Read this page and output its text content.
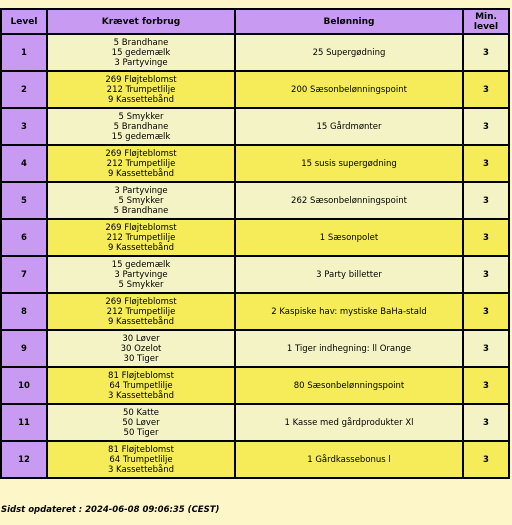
Level	Krævet forbrug	Belønning	Min.
level
1	5 Brandhane
15 gedemælk
3 Partyvinge	25 Supergødning	3
2	269 Fløjteblomst
212 Trumpetlilje
9 Kassettebånd	200 Sæsonbelønningspoint	3
3	5 Smykker
5 Brandhane
15 gedemælk	15 Gårdmønter	3
4	269 Fløjteblomst
212 Trumpetlilje
9 Kassettebånd	15 susis supergødning	3
5	3 Partyvinge
5 Smykker
5 Brandhane	262 Sæsonbelønningspoint	3
6	269 Fløjteblomst
212 Trumpetlilje
9 Kassettebånd	1 Sæsonpolet	3
7	15 gedemælk
3 Partyvinge
5 Smykker	3 Party billetter	3
8	269 Fløjteblomst
212 Trumpetlilje
9 Kassettebånd	2 Kaspiske hav: mystiske BaHa-stald	3
9	30 Løver
30 Ozelot
30 Tiger	1 Tiger indhegning: ll Orange	3
10	81 Fløjteblomst
64 Trumpetlilje
3 Kassettebånd	80 Sæsonbelønningspoint	3
11	50 Katte
50 Løver
50 Tiger	1 Kasse med gårdprodukter Xl	3
12	81 Fløjteblomst
64 Trumpetlilje
3 Kassettebånd	1 Gårdkassebonus l	3
Sidst opdateret : 2024-06-08 09:06:35 (CEST)
